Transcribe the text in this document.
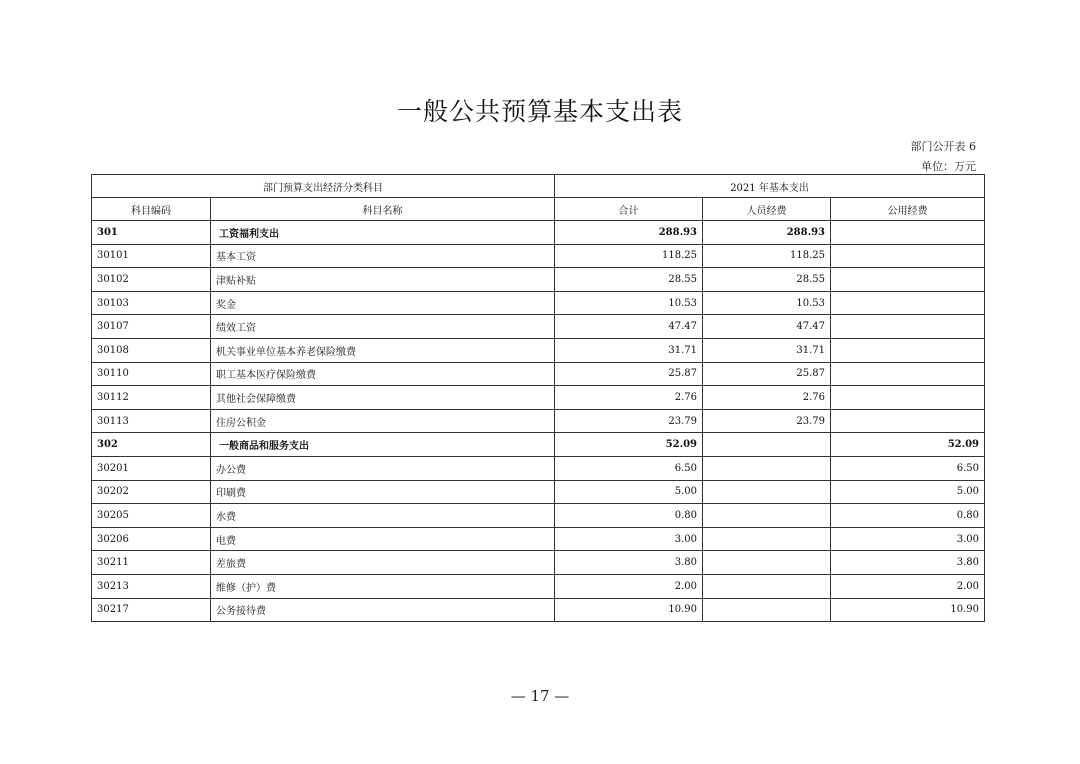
一般公共预算基本支出表
部门公开表 6
单位：万元
部门预算支出经济分类科目		2021 年基本支出		
科目编码	科目名称	合计	人员经费	公用经费
301	工资福利支出	288.93	288.93	
30101	基本工资	118.25	118.25	
30102	津贴补贴	28.55	28.55	
30103	奖金	10.53	10.53	
30107	绩效工资	47.47	47.47	
30108	机关事业单位基本养老保险缴费	31.71	31.71	
30110	职工基本医疗保险缴费	25.87	25.87	
30112	其他社会保障缴费	2.76	2.76	
30113	住房公积金	23.79	23.79	
302	一般商品和服务支出	52.09		52.09
30201	办公费	6.50		6.50
30202	印刷费	5.00		5.00
30205	水费	0.80		0.80
30206	电费	3.00		3.00
30211	差旅费	3.80		3.80
30213	维修（护）费	2.00		2.00
30217	公务接待费	10.90		10.90
— 17 —
